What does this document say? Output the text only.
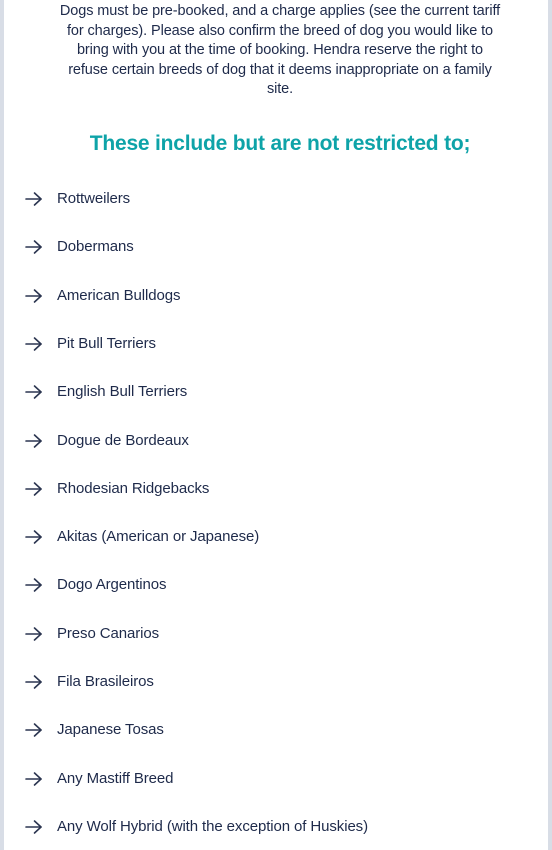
Dogs must be pre-booked, and a charge applies (see the current tariff
for charges). Please also confirm the breed of dog you would like to
bring with you at the time of booking. Hendra reserve the right to
refuse certain breeds of dog that it deems inappropriate on a family
site.
These include but are not restricted to;
Rottweilers
Dobermans
American Bulldogs
Pit Bull Terriers
English Bull Terriers
Dogue de Bordeaux
Rhodesian Ridgebacks
Akitas (American or Japanese)
Dogo Argentinos
Preso Canarios
Fila Brasileiros
Japanese Tosas
Any Mastiff Breed
Any Wolf Hybrid (with the exception of Huskies)
